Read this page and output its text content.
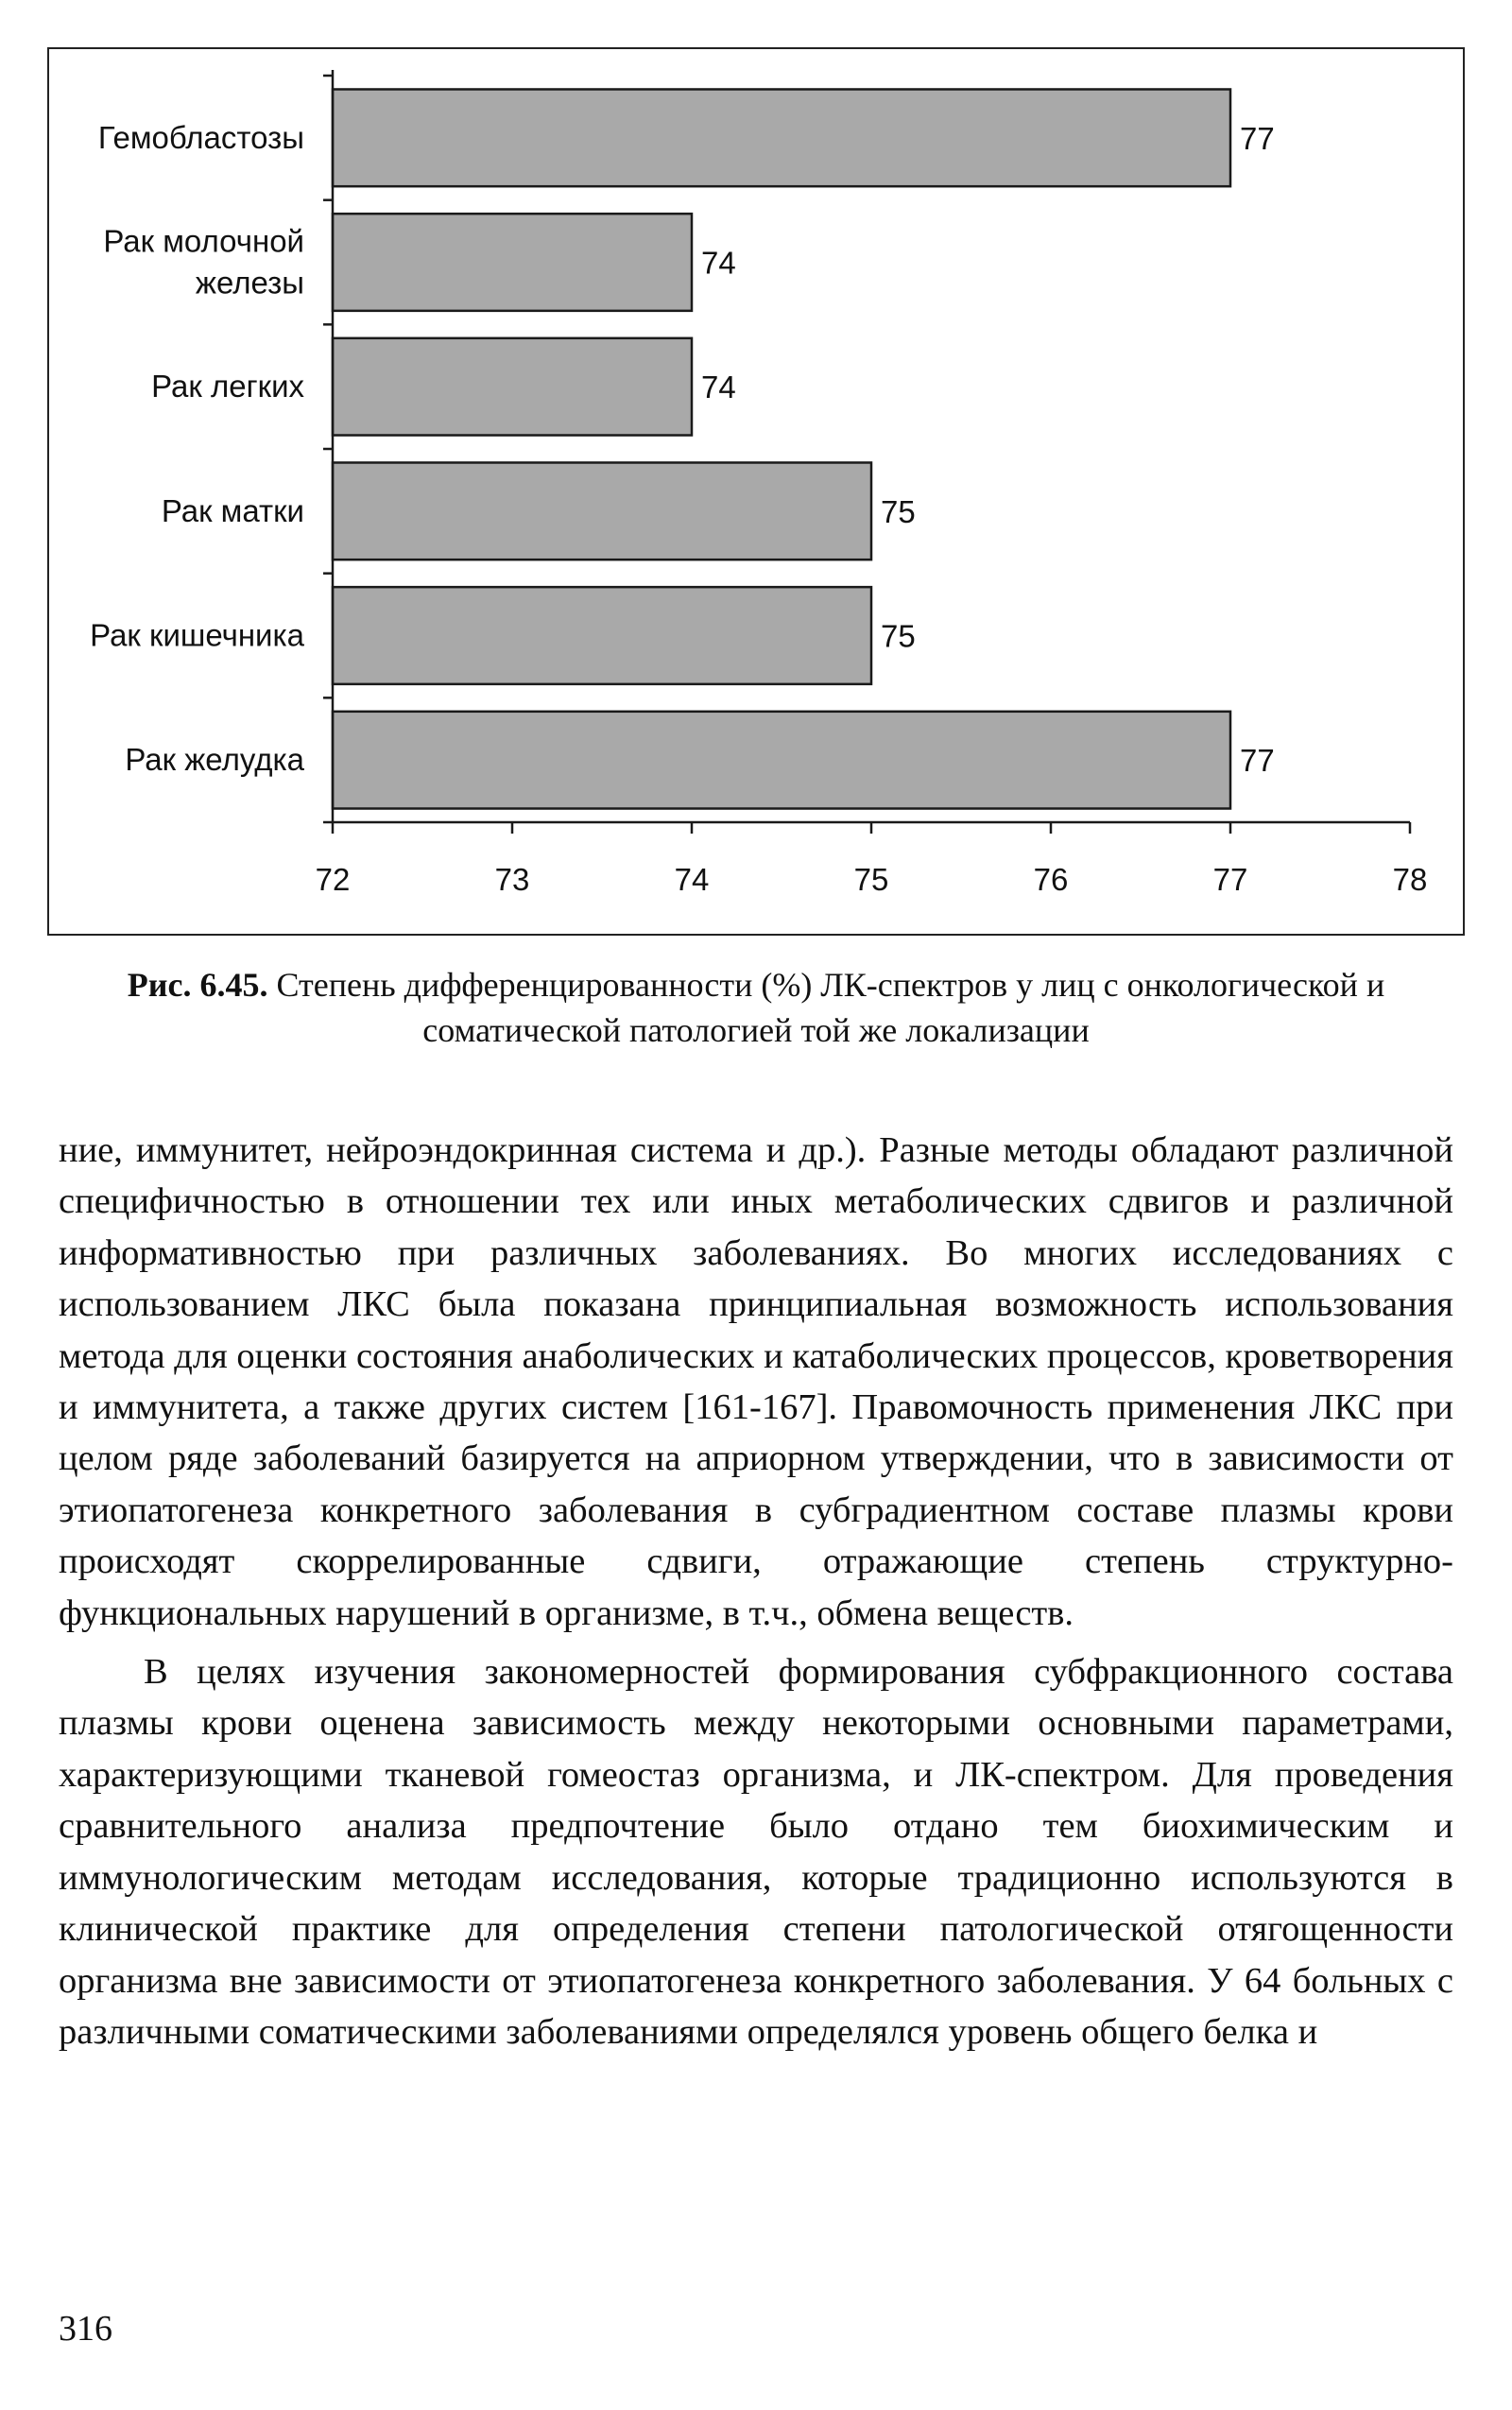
Гемобластозы	77
Рак молочной железы
74
Рак легких	74
Рак матки	75
Рак кишечника	75
Рак желудка	77
72	73	74	75	76	77	78
Рис. 6.45. Степень дифференцированности (%) ЛК-спектров у лиц с онкологической и соматической патологией той же локализации

ние, иммунитет, нейроэндокринная система и др.). Разные методы обладают различной специфичностью в отношении тех или иных метаболических сдвигов и различной информативностью при различных заболеваниях. Во многих исследованиях с использованием ЛКС была показана принципиальная возможность использования метода для оценки состояния анаболических и катаболических процессов, кроветворения и иммунитета, а также других систем [161-167]. Правомочность применения ЛКС при целом ряде заболеваний базируется на априорном утверждении, что в зависимости от этиопатогенеза конкретного заболевания в субградиентном составе плазмы крови происходят скоррелированные сдвиги, отражающие степень структурно-функциональных нарушений в организме, в т.ч., обмена веществ.

В целях изучения закономерностей формирования субфракционного состава плазмы крови оценена зависимость между некоторыми основными параметрами, характеризующими тканевой гомеостаз организма, и ЛК-спектром. Для проведения сравнительного анализа предпочтение было отдано тем биохимическим и иммунологическим методам исследования, которые традиционно используются в клинической практике для определения степени патологической отягощенности организма вне зависимости от этиопатогенеза конкретного заболевания. У 64 больных с различными соматическими заболеваниями определялся уровень общего белка и

316
